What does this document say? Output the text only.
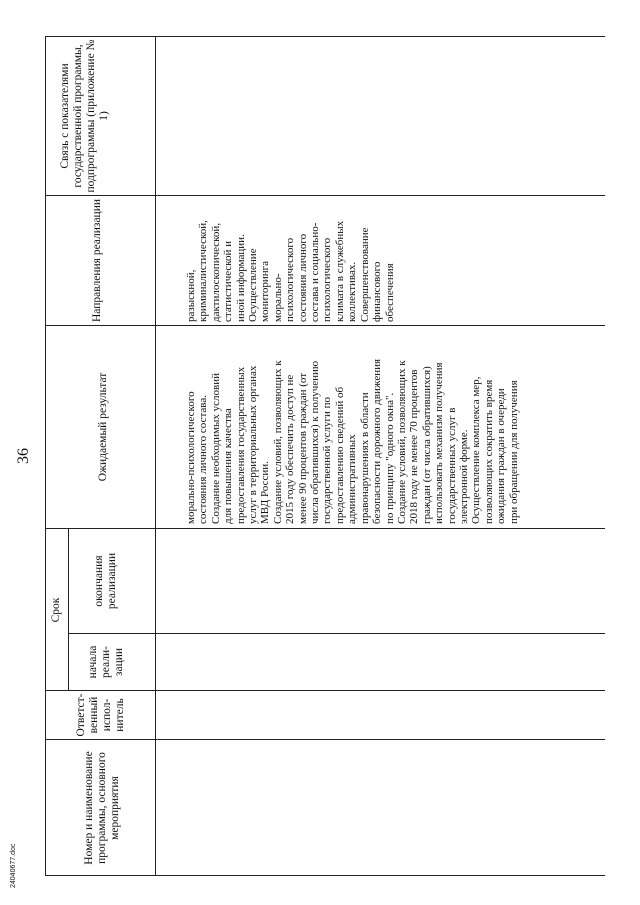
36
Номер и наименование программы, основного мероприятия
Ответст-венный испол-нитель
Срок
начала реали-зации
окончания реализации
Ожидаемый результат
Направления реализации
Связь с показателями государственной программы, подпрограммы (приложение № 1)
морально-психологического
состояния личного состава.
Создание необходимых условий
для повышения качества
предоставления государственных
услуг в территориальных органах
МВД России.
Создание условий, позволяющих к
2015 году обеспечить доступ не
менее 90 процентов граждан (от
числа обратившихся) к получению
государственной услуги по
предоставлению сведений об
административных
правонарушениях в области
безопасности дорожного движения
по принципу "одного окна".
Создание условий, позволяющих к
2018 году не менее 70 процентов
граждан (от числа обратившихся)
использовать механизм получения
государственных услуг в
электронной форме.
Осуществление комплекса мер,
позволяющих сократить время
ожидания граждан в очереди
при обращении для получения
разыскной,
криминалистической,
дактилоскопической,
статистической и
иной информации.
Осуществление
мониторинга
морально-
психологического
состояния личного
состава и социально-
психологического
климата в служебных
коллективах.
Совершенствование
финансового
обеспечения
24040677.doc
